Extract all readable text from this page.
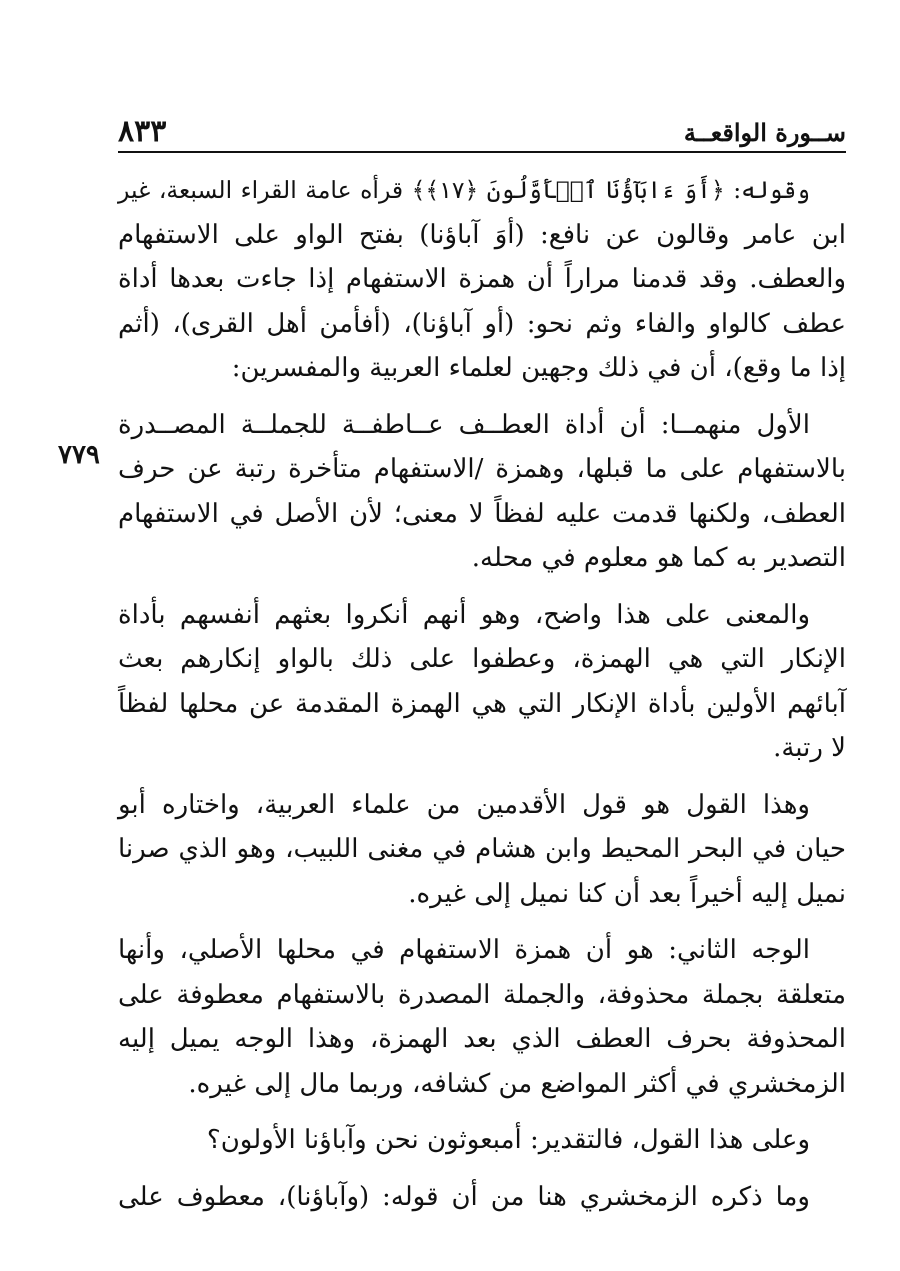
ســورة الواقعــة
٨٣٣
٧٧٩
وقوله: ﴿أَوَ ءَابَآؤُنَا ٱلۡأَوَّلُونَ ﴿١٧﴾﴾ قرأه عامة القراء السبعة، غير
ابن عامر وقالون عن نافع: (أوَ آباؤنا) بفتح الواو على الاستفهام
والعطف. وقد قدمنا مراراً أن همزة الاستفهام إذا جاءت بعدها أداة
عطف كالواو والفاء وثم نحو: (أو آباؤنا)، (أفأمن أهل القرى)، (أثم
إذا ما وقع)، أن في ذلك وجهين لعلماء العربية والمفسرين:
الأول منهمــا: أن أداة العطــف عــاطفــة للجملــة المصــدرة
بالاستفهام على ما قبلها، وهمزة /الاستفهام متأخرة رتبة عن حرف
العطف، ولكنها قدمت عليه لفظاً لا معنى؛ لأن الأصل في الاستفهام
التصدير به كما هو معلوم في محله.
والمعنى على هذا واضح، وهو أنهم أنكروا بعثهم أنفسهم بأداة
الإنكار التي هي الهمزة، وعطفوا على ذلك بالواو إنكارهم بعث
آبائهم الأولين بأداة الإنكار التي هي الهمزة المقدمة عن محلها لفظاً
لا رتبة.
وهذا القول هو قول الأقدمين من علماء العربية، واختاره أبو
حيان في البحر المحيط وابن هشام في مغنى اللبيب، وهو الذي صرنا
نميل إليه أخيراً بعد أن كنا نميل إلى غيره.
الوجه الثاني: هو أن همزة الاستفهام في محلها الأصلي، وأنها
متعلقة بجملة محذوفة، والجملة المصدرة بالاستفهام معطوفة على
المحذوفة بحرف العطف الذي بعد الهمزة، وهذا الوجه يميل إليه
الزمخشري في أكثر المواضع من كشافه، وربما مال إلى غيره.
وعلى هذا القول، فالتقدير: أمبعوثون نحن وآباؤنا الأولون؟
وما ذكره الزمخشري هنا من أن قوله: (وآباؤنا)، معطوف على
